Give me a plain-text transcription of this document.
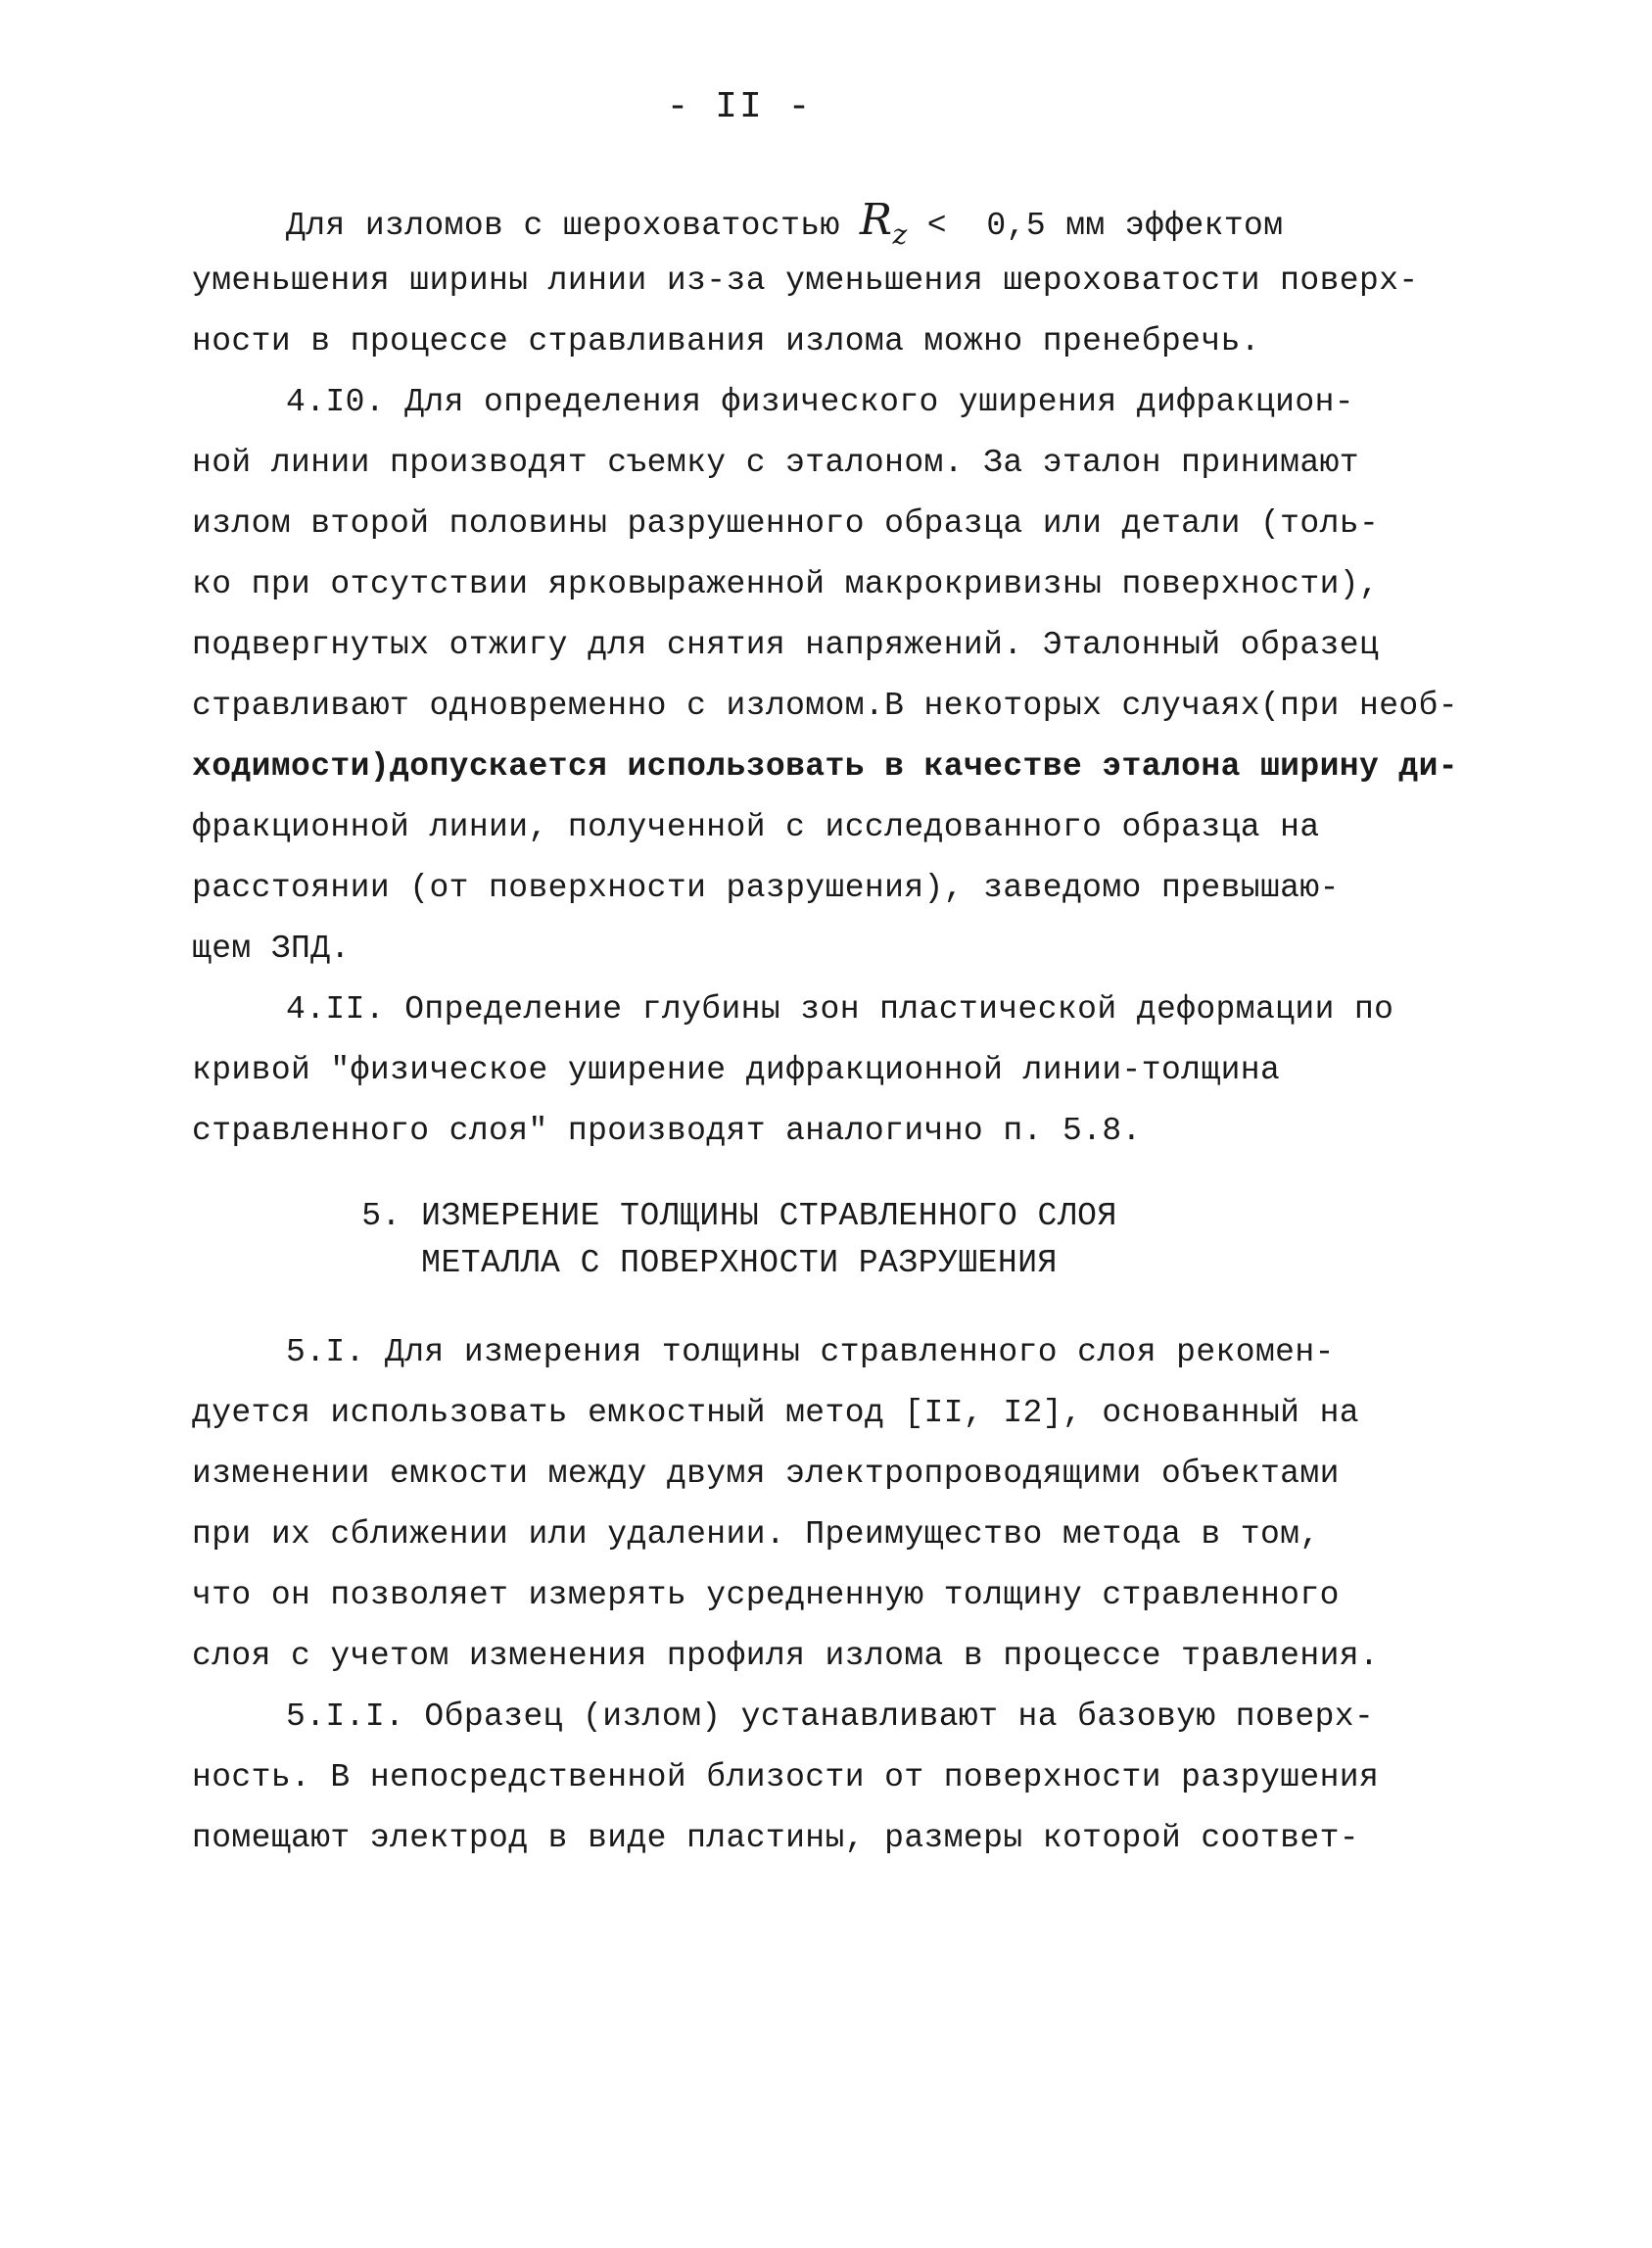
- II -
Для изломов с шероховатостью $R_z < 0,5$ мм эффектом
уменьшения ширины линии из-за уменьшения шероховатости поверх-
ности в процессе стравливания излома можно пренебречь.
4.I0. Для определения физического уширения дифракцион-
ной линии производят съемку с эталоном. За эталон принимают
излом второй половины разрушенного образца или детали (толь-
ко при отсутствии ярковыраженной макрокривизны поверхности),
подвергнутых отжигу для снятия напряжений. Эталонный образец
стравливают одновременно с изломом.В некоторых случаях(при необ-
ходимости)допускается использовать в качестве эталона ширину ди-
фракционной линии, полученной с исследованного образца на
расстоянии (от поверхности разрушения), заведомо превышаю-
щем ЗПД.
4.II. Определение глубины зон пластической деформации по
кривой "физическое уширение дифракционной линии-толщина
стравленного слоя" производят аналогично п. 5.8.
5. ИЗМЕРЕНИЕ ТОЛЩИНЫ СТРАВЛЕННОГО СЛОЯ
МЕТАЛЛА С ПОВЕРХНОСТИ РАЗРУШЕНИЯ
5.I. Для измерения толщины стравленного слоя рекомен-
дуется использовать емкостный метод [II, I2], основанный на
изменении емкости между двумя электропроводящими объектами
при их сближении или удалении. Преимущество метода в том,
что он позволяет измерять усредненную толщину стравленного
слоя с учетом изменения профиля излома в процессе травления.
5.I.I. Образец (излом) устанавливают на базовую поверх-
ность. В непосредственной близости от поверхности разрушения
помещают электрод в виде пластины, размеры которой соответ-
